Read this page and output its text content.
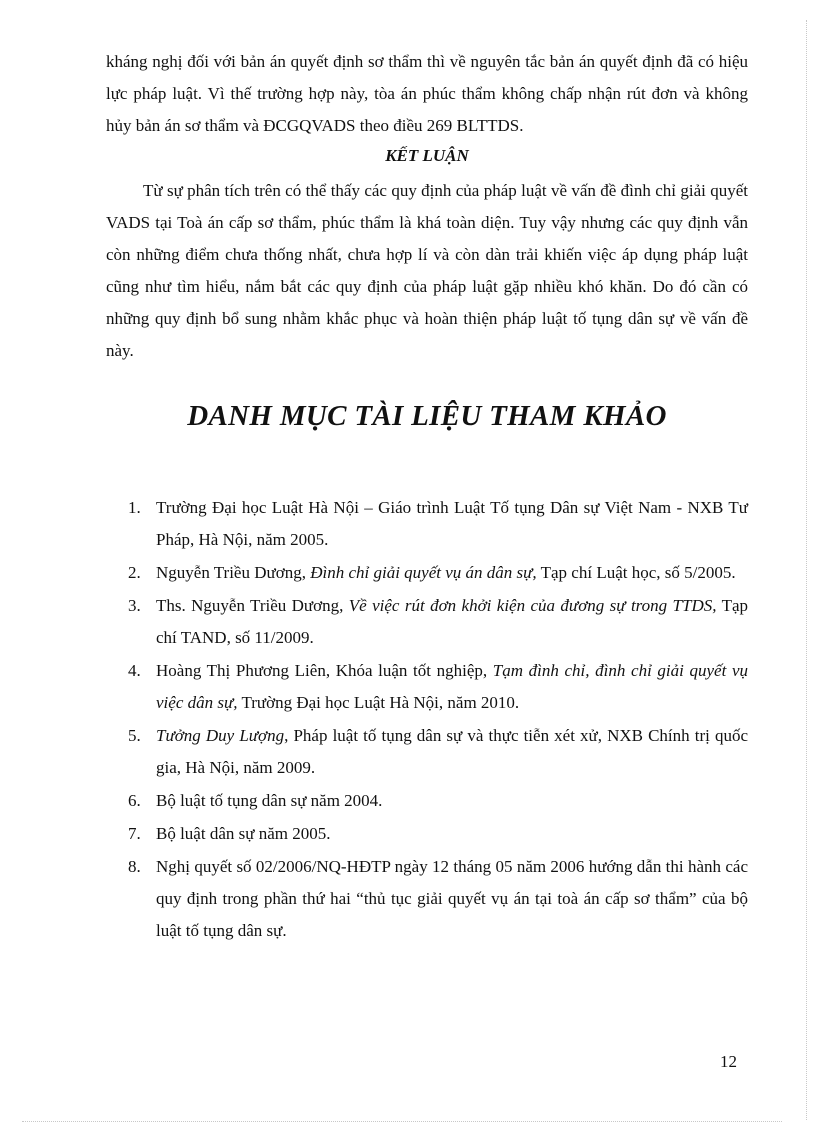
kháng nghị đối với bản án quyết định sơ thẩm thì về nguyên tắc bản án quyết định đã có hiệu lực pháp luật. Vì thế trường hợp này, tòa án phúc thẩm không chấp nhận rút đơn và không hủy bản án sơ thẩm và ĐCGQVADS theo điều 269 BLTTDS.

KẾT LUẬN

Từ sự phân tích trên có thể thấy các quy định của pháp luật về vấn đề đình chỉ giải quyết VADS tại Toà án cấp sơ thẩm, phúc thẩm là khá toàn diện. Tuy vậy nhưng các quy định vẫn còn những điểm chưa thống nhất, chưa hợp lí và còn dàn trải khiến việc áp dụng pháp luật cũng như tìm hiểu, nắm bắt các quy định của pháp luật gặp nhiều khó khăn. Do đó cần có những quy định bổ sung nhằm khắc phục và hoàn thiện pháp luật tố tụng dân sự về vấn đề này.

DANH MỤC TÀI LIỆU THAM KHẢO
1. Trường Đại học Luật Hà Nội – Giáo trình Luật Tố tụng Dân sự Việt Nam - NXB Tư Pháp, Hà Nội, năm 2005.
2. Nguyễn Triều Dương, Đình chỉ giải quyết vụ án dân sự, Tạp chí Luật học, số 5/2005.
3. Ths. Nguyễn Triều Dương, Về việc rút đơn khởi kiện của đương sự trong TTDS, Tạp chí TAND, số 11/2009.
4. Hoàng Thị Phương Liên, Khóa luận tốt nghiệp, Tạm đình chỉ, đình chỉ giải quyết vụ việc dân sự, Trường Đại học Luật Hà Nội, năm 2010.
5. Tưởng Duy Lượng, Pháp luật tố tụng dân sự và thực tiễn xét xử, NXB Chính trị quốc gia, Hà Nội, năm 2009.
6. Bộ luật tố tụng dân sự năm 2004.
7. Bộ luật dân sự năm 2005.
8. Nghị quyết số 02/2006/NQ-HĐTP ngày 12 tháng 05 năm 2006 hướng dẫn thi hành các quy định trong phần thứ hai “thủ tục giải quyết vụ án tại toà án cấp sơ thẩm” của bộ luật tố tụng dân sự.
12
